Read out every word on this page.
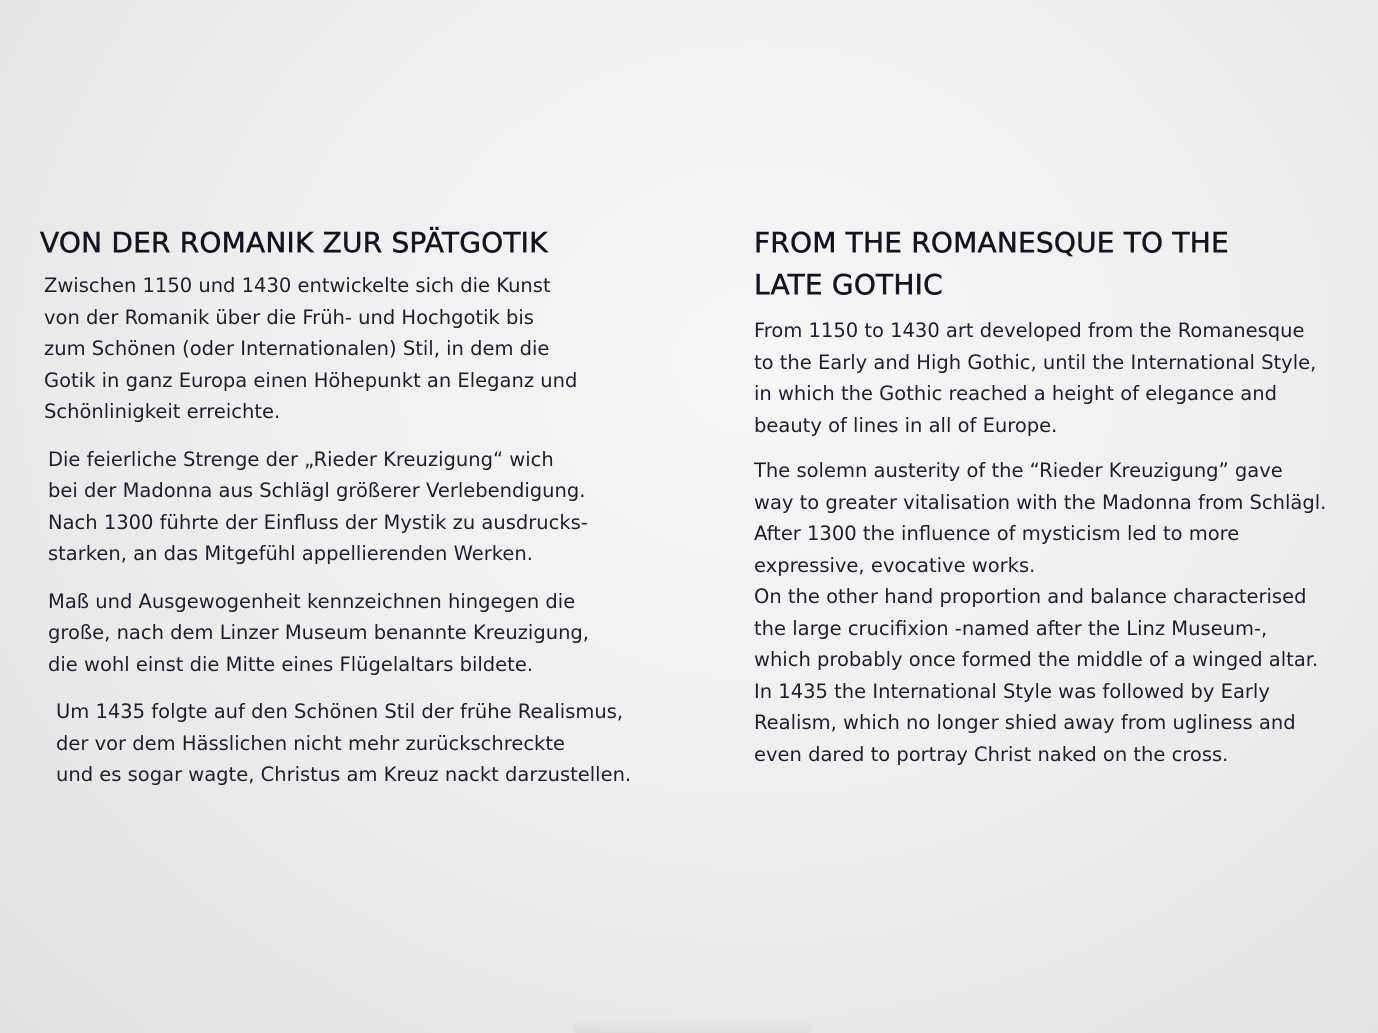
VON DER ROMANIK ZUR SPÄTGOTIK

Zwischen 1150 und 1430 entwickelte sich die Kunst
von der Romanik über die Früh- und Hochgotik bis
zum Schönen (oder Internationalen) Stil, in dem die
Gotik in ganz Europa einen Höhepunkt an Eleganz und
Schönlinigkeit erreichte.

Die feierliche Strenge der „Rieder Kreuzigung“ wich
bei der Madonna aus Schlägl größerer Verlebendigung.
Nach 1300 führte der Einfluss der Mystik zu ausdrucks-
starken, an das Mitgefühl appellierenden Werken.

Maß und Ausgewogenheit kennzeichnen hingegen die
große, nach dem Linzer Museum benannte Kreuzigung,
die wohl einst die Mitte eines Flügelaltars bildete.

Um 1435 folgte auf den Schönen Stil der frühe Realismus,
der vor dem Hässlichen nicht mehr zurückschreckte
und es sogar wagte, Christus am Kreuz nackt darzustellen.

FROM THE ROMANESQUE TO THE
LATE GOTHIC

From 1150 to 1430 art developed from the Romanesque
to the Early and High Gothic, until the International Style,
in which the Gothic reached a height of elegance and
beauty of lines in all of Europe.

The solemn austerity of the “Rieder Kreuzigung” gave
way to greater vitalisation with the Madonna from Schlägl.
After 1300 the influence of mysticism led to more
expressive, evocative works.

On the other hand proportion and balance characterised
the large crucifixion -named after the Linz Museum-,
which probably once formed the middle of a winged altar.

In 1435 the International Style was followed by Early
Realism, which no longer shied away from ugliness and
even dared to portray Christ naked on the cross.
